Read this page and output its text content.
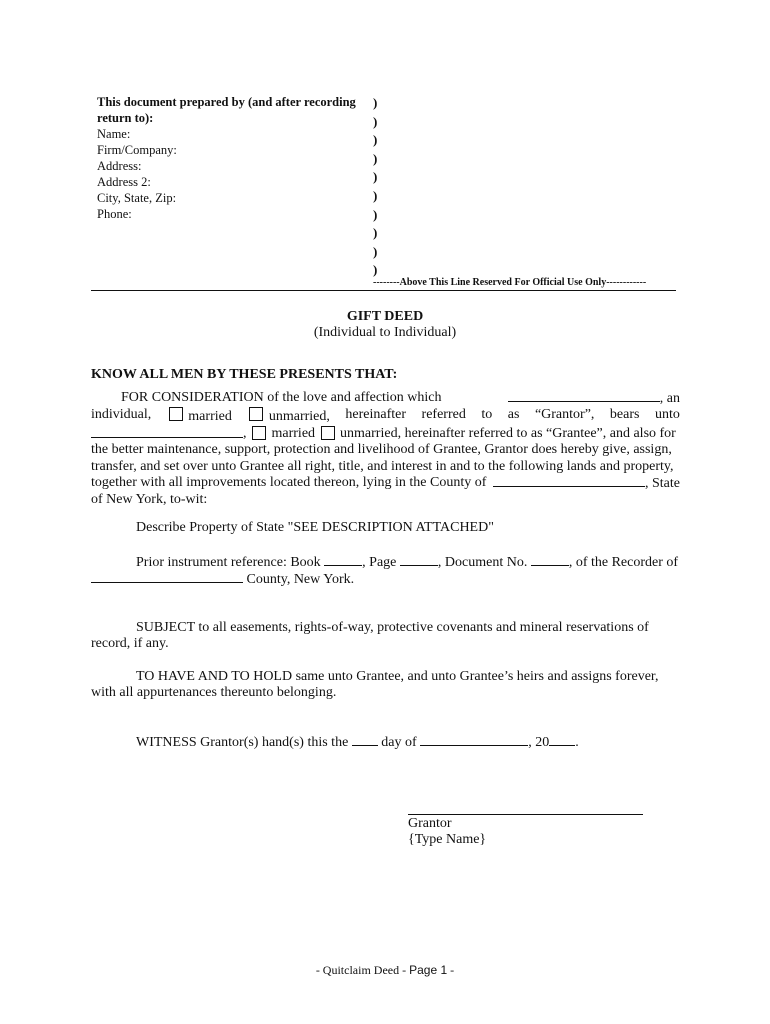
This document prepared by (and after recording
return to):
Name:
Firm/Company:
Address:
Address 2:
City, State, Zip:
Phone:
)
)
)
)
)
)
)
)
)
)
--------Above This Line Reserved For Official Use Only------------
GIFT DEED
(Individual to Individual)
KNOW ALL MEN BY THESE PRESENTS THAT:
FOR CONSIDERATION of the love and affection which	, an
individual,	married	unmarried, hereinafter referred to as “Grantor”, bears unto
,
married

unmarried, hereinafter referred to as “Grantee”, and also for
the better maintenance, support, protection and livelihood of Grantee, Grantor does hereby give, assign,
transfer, and set over unto Grantee all right, title, and interest in and to the following lands and property,
together with all improvements located thereon, lying in the County of	, State
of New York, to-wit:
Describe Property of State "SEE DESCRIPTION ATTACHED"
Prior instrument reference: Book	, Page	, Document No.	, of the Recorder of
County, New York.
SUBJECT to all easements, rights-of-way, protective covenants and mineral reservations of
record, if any.
TO HAVE AND TO HOLD same unto Grantee, and unto Grantee’s heirs and assigns forever,
with all appurtenances thereunto belonging.
WITNESS Grantor(s) hand(s) this the day of	, 20 .
Grantor
{Type Name}
- Quitclaim Deed - Page 1 -
